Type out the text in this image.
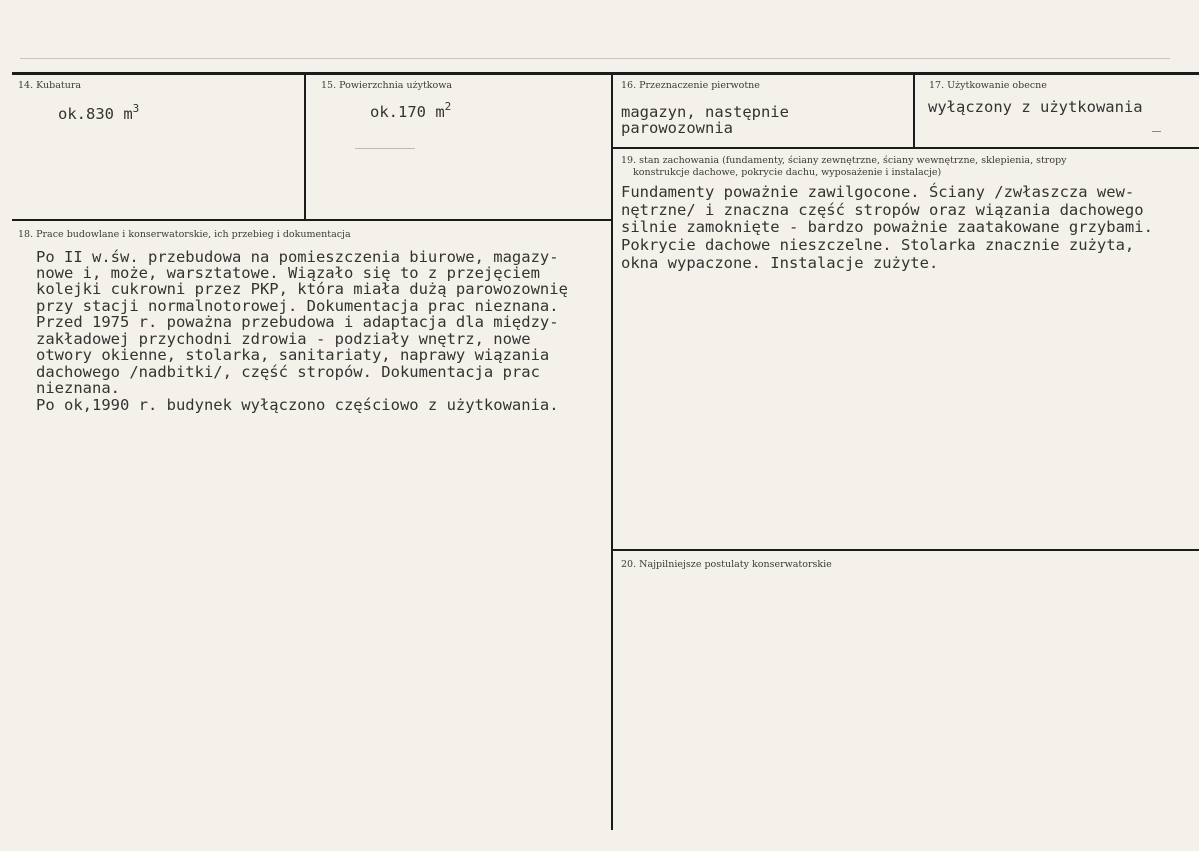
14. Kubatura
ok.830 $m^3$
15. Powierzchnia użytkowa
ok.170 $m^2$
16. Przeznaczenie pierwotne
magazyn, następnie
parowozownia
17. Użytkowanie obecne
wyłączony z użytkowania
18. Prace budowlane i konserwatorskie, ich przebieg i dokumentacja
Po II w.św. przebudowa na pomieszczenia biurowe, magazy-
nowe i, może, warsztatowe. Wiązało się to z przejęciem
kolejki cukrowni przez PKP, która miała dużą parowozownię
przy stacji normalnotorowej. Dokumentacja prac nieznana.
Przed 1975 r. poważna przebudowa i adaptacja dla między-
zakładowej przychodni zdrowia - podziały wnętrz, nowe
otwory okienne, stolarka, sanitariaty, naprawy wiązania
dachowego /nadbitki/, część stropów. Dokumentacja prac
nieznana.
Po ok,1990 r. budynek wyłączono częściowo z użytkowania.
19. stan zachowania (fundamenty, ściany zewnętrzne, ściany wewnętrzne, sklepienia, stropy
konstrukcje dachowe, pokrycie dachu, wyposażenie i instalacje)
Fundamenty poważnie zawilgocone. Ściany /zwłaszcza wew-
nętrzne/ i znaczna część stropów oraz wiązania dachowego
silnie zamoknięte - bardzo poważnie zaatakowane grzybami.
Pokrycie dachowe nieszczelne. Stolarka znacznie zużyta,
okna wypaczone. Instalacje zużyte.
20. Najpilniejsze postulaty konserwatorskie
